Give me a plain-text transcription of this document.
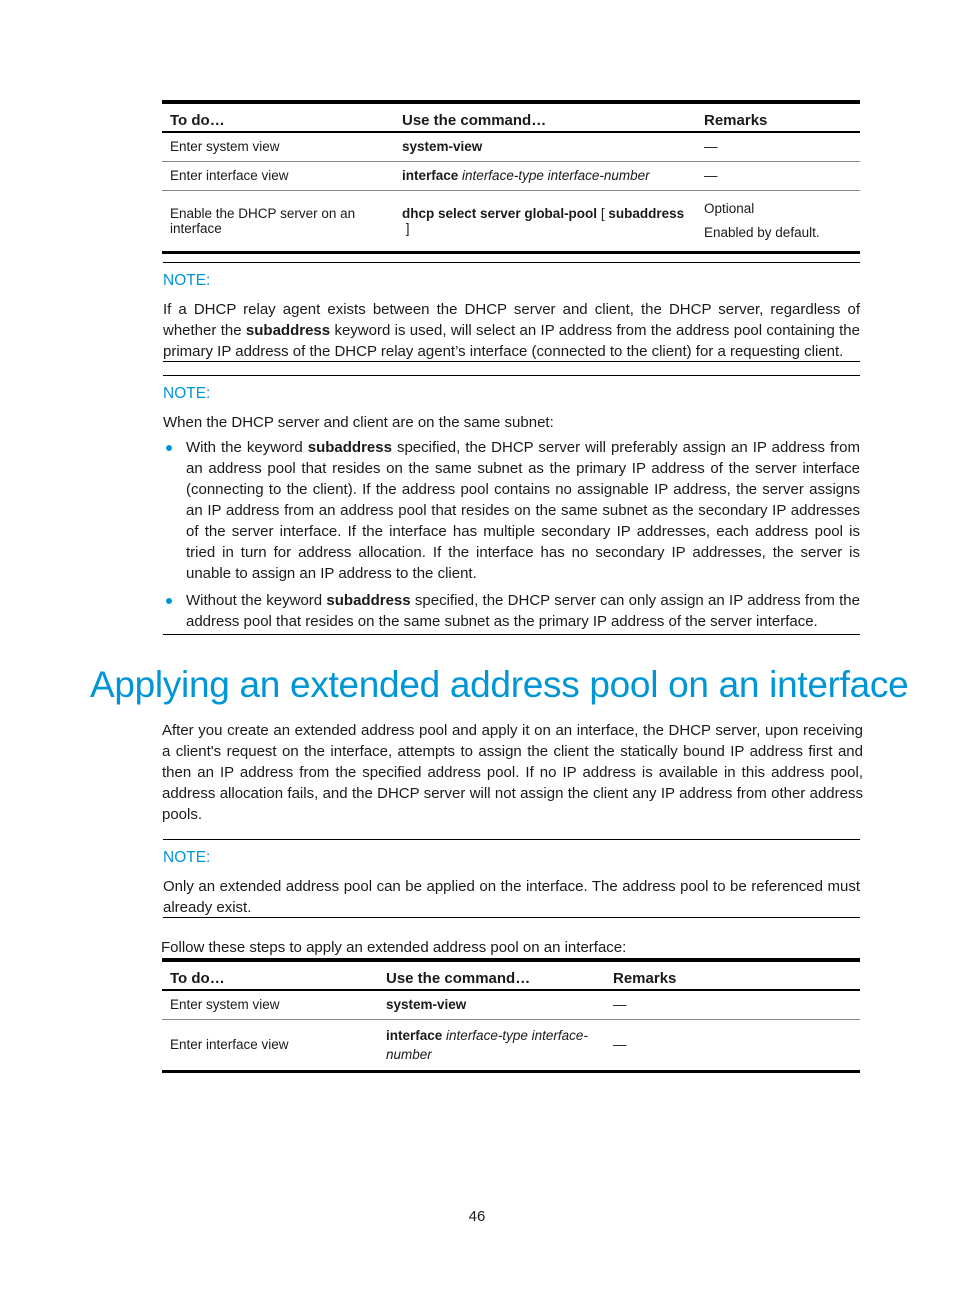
To do…	Use the command…	Remarks
Enter system view	system-view	—
Enter interface view	interface interface-type interface-number	—
Enable the DHCP server on an interface	dhcp select server global-pool [ subaddress ]	Optional
Enabled by default.
NOTE:

If a DHCP relay agent exists between the DHCP server and client, the DHCP server, regardless of whether the subaddress keyword is used, will select an IP address from the address pool containing the primary IP address of the DHCP relay agent’s interface (connected to the client) for a requesting client.

NOTE:

When the DHCP server and client are on the same subnet:

With the keyword subaddress specified, the DHCP server will preferably assign an IP address from an address pool that resides on the same subnet as the primary IP address of the server interface (connecting to the client). If the address pool contains no assignable IP address, the server assigns an IP address from an address pool that resides on the same subnet as the secondary IP addresses of the server interface. If the interface has multiple secondary IP addresses, each address pool is tried in turn for address allocation. If the interface has no secondary IP addresses, the server is unable to assign an IP address to the client.
Without the keyword subaddress specified, the DHCP server can only assign an IP address from the address pool that resides on the same subnet as the primary IP address of the server interface.
Applying an extended address pool on an interface
After you create an extended address pool and apply it on an interface, the DHCP server, upon receiving a client's request on the interface, attempts to assign the client the statically bound IP address first and then an IP address from the specified address pool. If no IP address is available in this address pool, address allocation fails, and the DHCP server will not assign the client any IP address from other address pools.
NOTE:

Only an extended address pool can be applied on the interface. The address pool to be referenced must already exist.

Follow these steps to apply an extended address pool on an interface:
To do…	Use the command…	Remarks
Enter system view	system-view	—
Enter interface view	interface interface-type interface-number	—
46
